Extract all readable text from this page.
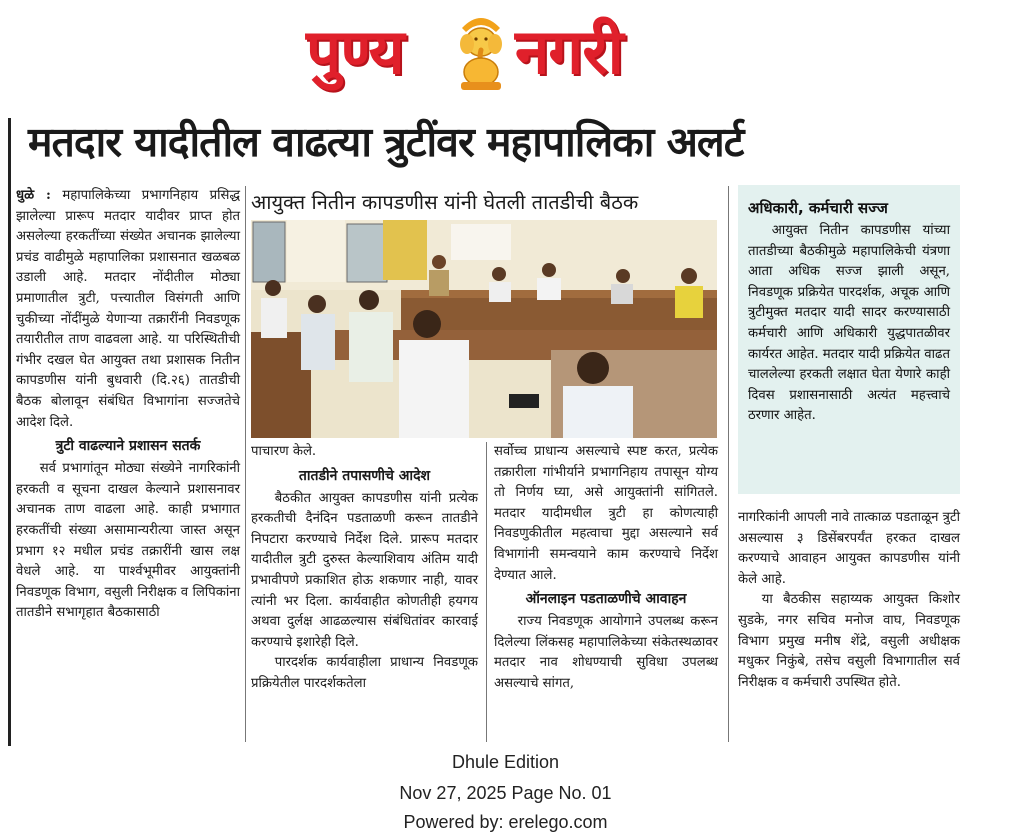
पुण्य नगरी
मतदार यादीतील वाढत्या त्रुटींवर महापालिका अलर्ट

धुळे : महापालिकेच्या प्रभागनिहाय प्रसिद्ध झालेल्या प्रारूप मतदार यादीवर प्राप्त होत असलेल्या हरकतींच्या संख्येत अचानक झालेल्या प्रचंड वाढीमुळे महापालिका प्रशासनात खळबळ उडाली आहे. मतदार नोंदीतील मोठ्या प्रमाणातील त्रुटी, पत्त्यातील विसंगती आणि चुकीच्या नोंदींमुळे येणाऱ्या तक्रारींनी निवडणूक तयारीतील ताण वाढवला आहे. या परिस्थितीची गंभीर दखल घेत आयुक्त तथा प्रशासक नितीन कापडणीस यांनी बुधवारी (दि.२६) तातडीची बैठक बोलावून संबंधित विभागांना सज्जतेचे आदेश दिले.

त्रुटी वाढल्याने प्रशासन सतर्क

सर्व प्रभागांतून मोठ्या संख्येने नागरिकांनी हरकती व सूचना दाखल केल्याने प्रशासनावर अचानक ताण वाढला आहे. काही प्रभागात हरकतींची संख्या असामान्यरीत्या जास्त असून प्रभाग १२ मधील प्रचंड तक्रारींनी खास लक्ष वेधले आहे. या पार्श्वभूमीवर आयुक्तांनी निवडणूक विभाग, वसुली निरीक्षक व लिपिकांना तातडीने सभागृहात बैठकासाठी

आयुक्त नितीन कापडणीस यांनी घेतली तातडीची बैठक

पाचारण केले.

तातडीने तपासणीचे आदेश

बैठकीत आयुक्त कापडणीस यांनी प्रत्येक हरकतीची दैनंदिन पडताळणी करून तातडीने निपटारा करण्याचे निर्देश दिले. प्रारूप मतदार यादीतील त्रुटी दुरुस्त केल्याशिवाय अंतिम यादी प्रभावीपणे प्रकाशित होऊ शकणार नाही, यावर त्यांनी भर दिला. कार्यवाहीत कोणतीही हयगय अथवा दुर्लक्ष आढळल्यास संबंधितांवर कारवाई करण्याचे इशारेही दिले.

पारदर्शक कार्यवाहीला प्राधान्य निवडणूक प्रक्रियेतील पारदर्शकतेला

सर्वोच्च प्राधान्य असल्याचे स्पष्ट करत, प्रत्येक तक्रारीला गांभीर्याने प्रभागनिहाय तपासून योग्य तो निर्णय घ्या, असे आयुक्तांनी सांगितले. मतदार यादीमधील त्रुटी हा कोणत्याही निवडणुकीतील महत्वाचा मुद्दा असल्याने सर्व विभागांनी समन्वयाने काम करण्याचे निर्देश देण्यात आले.

ऑनलाइन पडताळणीचे आवाहन

राज्य निवडणूक आयोगाने उपलब्ध करून दिलेल्या लिंकसह महापालिकेच्या संकेतस्थळावर मतदार नाव शोधण्याची सुविधा उपलब्ध असल्याचे सांगत,

अधिकारी, कर्मचारी सज्ज
आयुक्त नितीन कापडणीस यांच्या तातडीच्या बैठकीमुळे महापालिकेची यंत्रणा आता अधिक सज्ज झाली असून, निवडणूक प्रक्रियेत पारदर्शक, अचूक आणि त्रुटीमुक्त मतदार यादी सादर करण्यासाठी कर्मचारी आणि अधिकारी युद्धपातळीवर कार्यरत आहेत. मतदार यादी प्रक्रियेत वाढत चाललेल्या हरकती लक्षात घेता येणारे काही दिवस प्रशासनासाठी अत्यंत महत्त्वाचे ठरणार आहेत.

नागरिकांनी आपली नावे तात्काळ पडताळून त्रुटी असल्यास ३ डिसेंबरपर्यंत हरकत दाखल करण्याचे आवाहन आयुक्त कापडणीस यांनी केले आहे.

या बैठकीस सहाय्यक आयुक्त किशोर सुडके, नगर सचिव मनोज वाघ, निवडणूक विभाग प्रमुख मनीष शेंद्रे, वसुली अधीक्षक मधुकर निकुंबे, तसेच वसुली विभागातील सर्व निरीक्षक व कर्मचारी उपस्थित होते.

Dhule Edition
Nov 27, 2025 Page No. 01
Powered by: erelego.com
